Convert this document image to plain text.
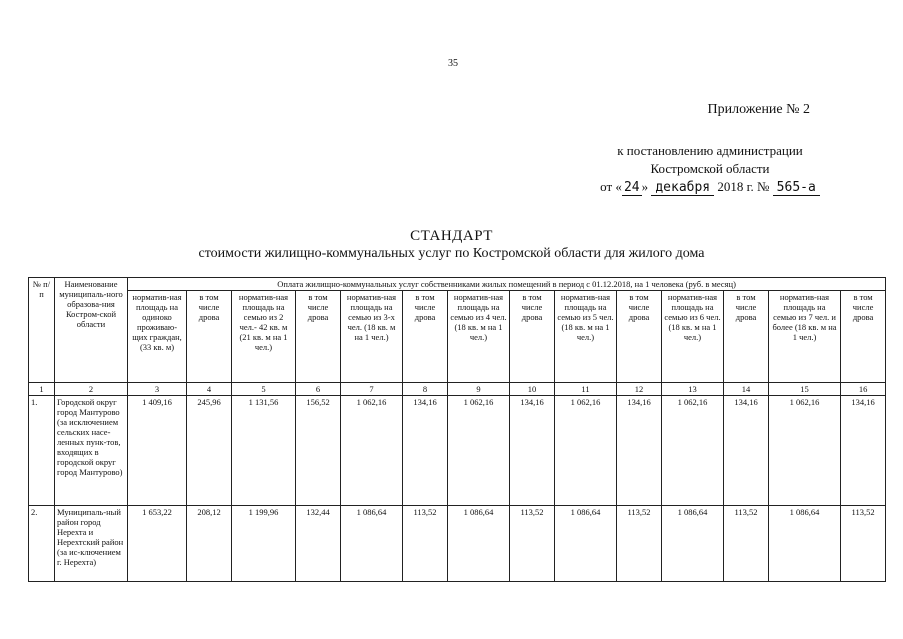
35
Приложение № 2
к постановлению администрации
Костромской области
от « 24 » декабря 2018 г. № 565-а
СТАНДАРТ
стоимости жилищно-коммунальных услуг по Костромской области для жилого дома
№ п/п	Наименование муниципаль-ного образова-ния Костром-ской области	Оплата жилищно-коммунальных услуг собственниками жилых помещений в период с 01.12.2018, на 1 человека (руб. в месяц)													
		норматив-ная площадь на одиноко проживаю-щих граждан, (33 кв. м)	в том числе дрова	норматив-ная площадь на семью из 2 чел.- 42 кв. м (21 кв. м на 1 чел.)	в том числе дрова	норматив-ная площадь на семью из 3-х чел. (18 кв. м на 1 чел.)	в том числе дрова	норматив-ная площадь на семью из 4 чел. (18 кв. м на 1 чел.)	в том числе дрова	норматив-ная площадь на семью из 5 чел. (18 кв. м на 1 чел.)	в том числе дрова	норматив-ная площадь на семью из 6 чел. (18 кв. м на 1 чел.)	в том числе дрова	норматив-ная площадь на семью из 7 чел. и более (18 кв. м на 1 чел.)	в том числе дрова
1	2	3	4	5	6	7	8	9	10	11	12	13	14	15	16
1.	Городской округ город Мантурово (за исключением сельских насе-ленных пунк-тов, входящих в городской округ город Мантурово)	1 409,16	245,96	1 131,56	156,52	1 062,16	134,16	1 062,16	134,16	1 062,16	134,16	1 062,16	134,16	1 062,16	134,16
2.	Муниципаль-ный район город Нерехта и Нерехтский район (за ис-ключением г. Нерехта)	1 653,22	208,12	1 199,96	132,44	1 086,64	113,52	1 086,64	113,52	1 086,64	113,52	1 086,64	113,52	1 086,64	113,52
